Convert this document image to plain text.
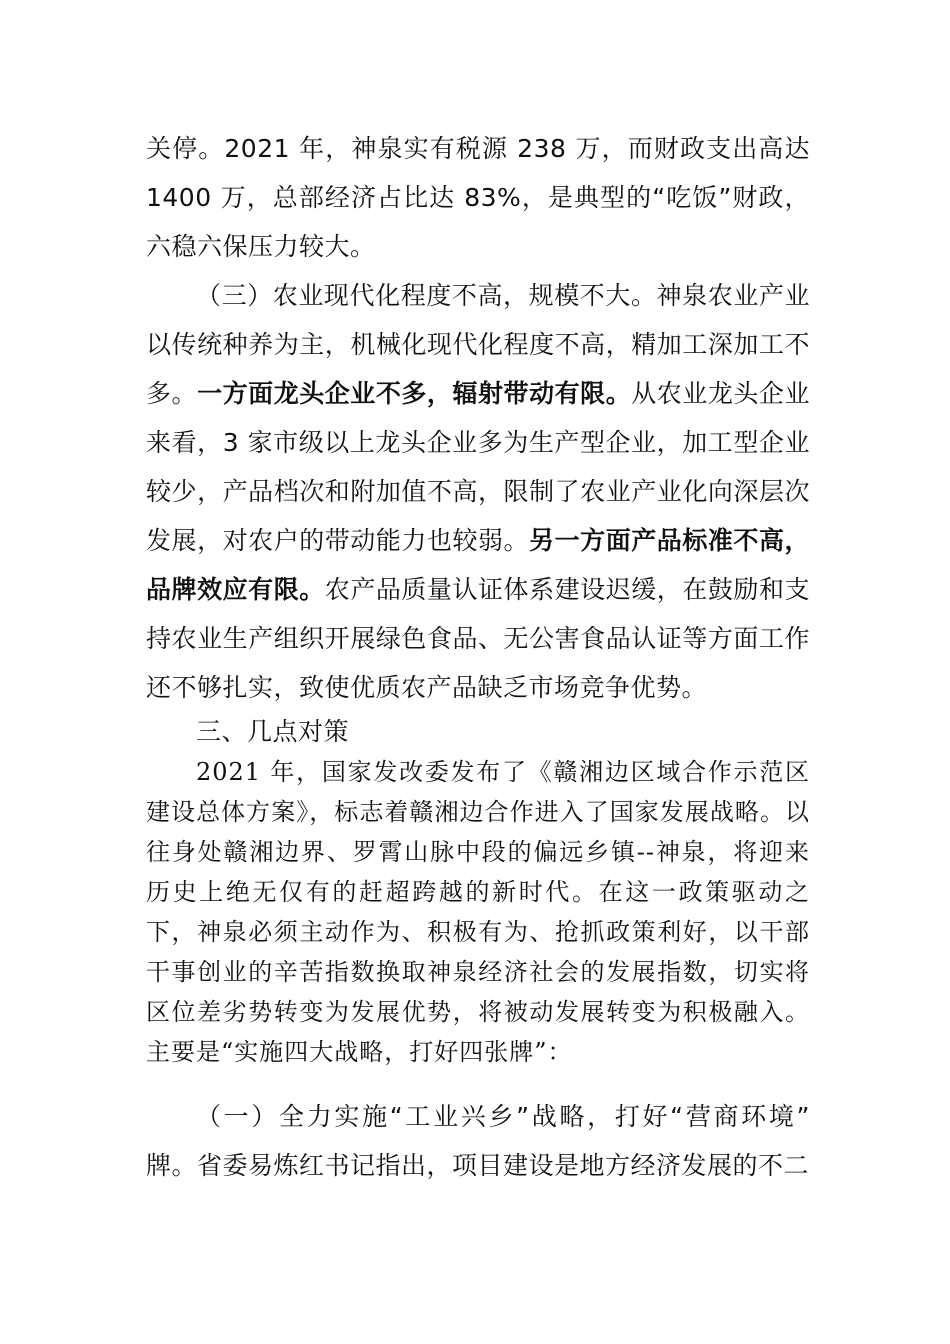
关停。2021 年，神泉实有税源 238 万，而财政支出高达 1400 万，总部经济占比达 83%，是典型的“吃饭”财政，六稳六保压力较大。

（三）农业现代化程度不高，规模不大。神泉农业产业以传统种养为主，机械化现代化程度不高，精加工深加工不多。一方面龙头企业不多，辐射带动有限。从农业龙头企业来看，3 家市级以上龙头企业多为生产型企业，加工型企业较少，产品档次和附加值不高，限制了农业产业化向深层次发展，对农户的带动能力也较弱。另一方面产品标准不高， 品牌效应有限。农产品质量认证体系建设迟缓，在鼓励和支持农业生产组织开展绿色食品、无公害食品认证等方面工作还不够扎实，致使优质农产品缺乏市场竞争优势。

三、几点对策

2021 年，国家发改委发布了《赣湘边区域合作示范区建设总体方案》，标志着赣湘边合作进入了国家发展战略。以往身处赣湘边界、罗霄山脉中段的偏远乡镇--神泉，将迎来历史上绝无仅有的赶超跨越的新时代。在这一政策驱动之下，神泉必须主动作为、积极有为、抢抓政策利好，以干部干事创业的辛苦指数换取神泉经济社会的发展指数，切实将区位差劣势转变为发展优势，将被动发展转变为积极融入。主要是“实施四大战略，打好四张牌”：

（一）全力实施“工业兴乡”战略，打好“营商环境” 牌。省委易炼红书记指出，项目建设是地方经济发展的不二
